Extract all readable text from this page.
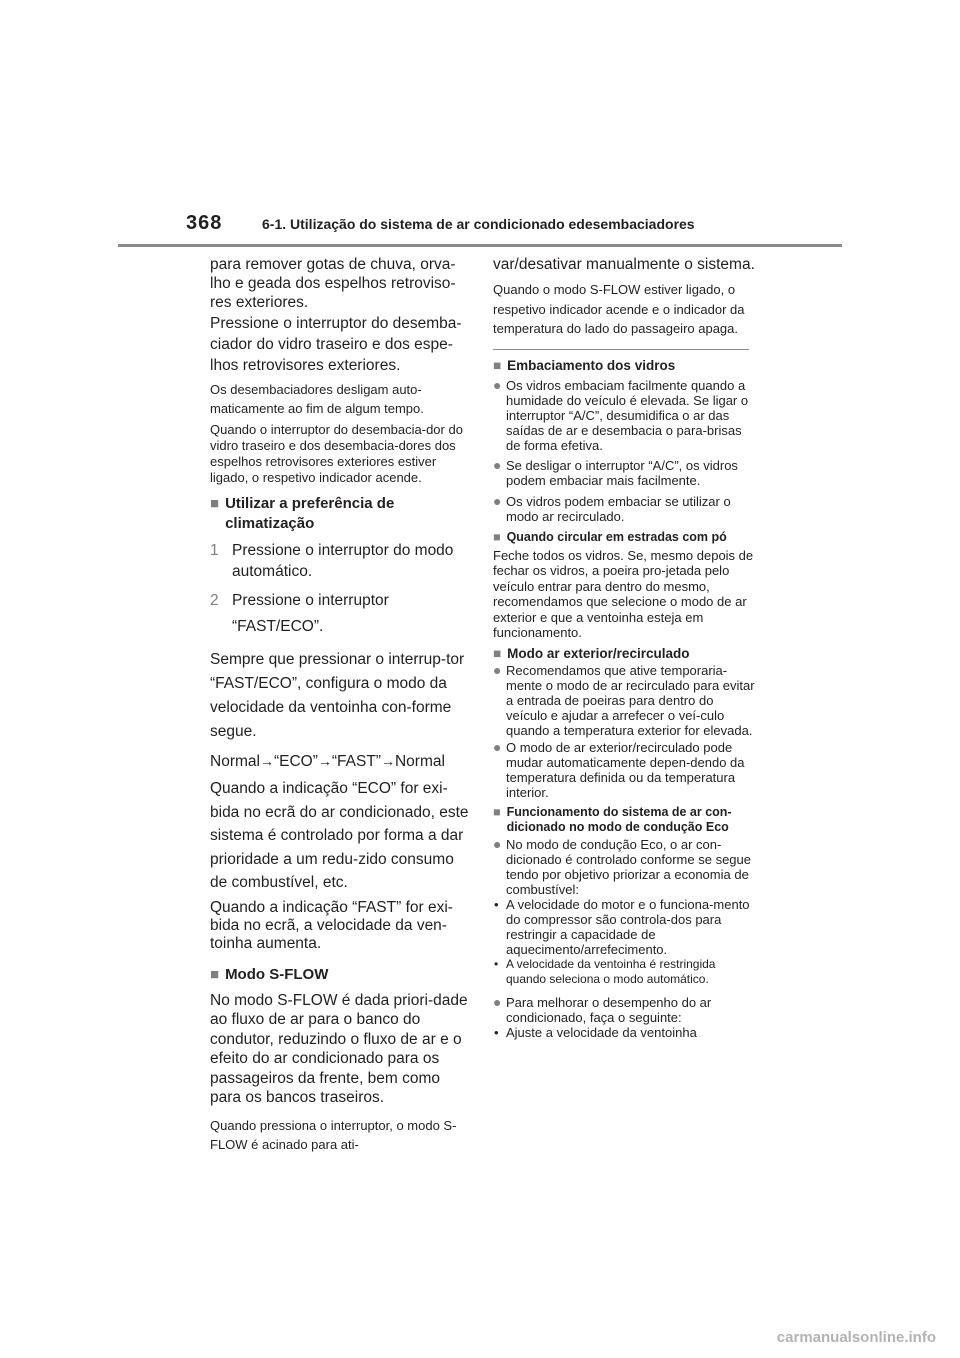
368	6-1. Utilização do sistema de ar condicionado edesembaciadores

para remover gotas de chuva, orva-lho e geada dos espelhos retroviso-res exteriores.

Pressione o interruptor do desemba-ciador do vidro traseiro e dos espe-lhos retrovisores exteriores.

Os desembaciadores desligam auto-maticamente ao fim de algum tempo.

Quando o interruptor do desembacia-dor do vidro traseiro e dos desembacia-dores dos espelhos retrovisores exteriores estiver ligado, o respetivo indicador acende.

■ Utilizar a preferência de climatização
1 Pressione o interruptor do modo automático.
2 Pressione o interruptor “FAST/ECO”.

Sempre que pressionar o interrup-tor “FAST/ECO”, configura o modo da velocidade da ventoinha con-forme segue.

Normal→“ECO”→“FAST”→Normal

Quando a indicação “ECO” for exi-bida no ecrã do ar condicionado, este sistema é controlado por forma a dar prioridade a um redu-zido consumo de combustível, etc.

Quando a indicação “FAST” for exi-bida no ecrã, a velocidade da ven-toinha aumenta.

■ Modo S-FLOW

No modo S-FLOW é dada priori-dade ao fluxo de ar para o banco do condutor, reduzindo o fluxo de ar e o efeito do ar condicionado para os passageiros da frente, bem como para os bancos traseiros.

Quando pressiona o interruptor, o modo S-FLOW é acinado para ati-

var/desativar manualmente o sistema.

Quando o modo S-FLOW estiver ligado, o respetivo indicador acende e o indicador da temperatura do lado do passageiro apaga.

■ Embaciamento dos vidros
● Os vidros embaciam facilmente quando a humidade do veículo é elevada. Se ligar o interruptor “A/C”, desumidifica o ar das saídas de ar e desembacia o para-brisas de forma efetiva.
● Se desligar o interruptor “A/C”, os vidros podem embaciar mais facilmente.
● Os vidros podem embaciar se utilizar o modo ar recirculado.
■ Quando circular em estradas com pó

Feche todos os vidros. Se, mesmo depois de fechar os vidros, a poeira pro-jetada pelo veículo entrar para dentro do mesmo, recomendamos que selecione o modo de ar exterior e que a ventoinha esteja em funcionamento.

■ Modo ar exterior/recirculado
● Recomendamos que ative temporaria-mente o modo de ar recirculado para evitar a entrada de poeiras para dentro do veículo e ajudar a arrefecer o veí-culo quando a temperatura exterior for elevada.
● O modo de ar exterior/recirculado pode mudar automaticamente depen-dendo da temperatura definida ou da temperatura interior.
■ Funcionamento do sistema de ar con-dicionado no modo de condução Eco
● No modo de condução Eco, o ar con-dicionado é controlado conforme se segue tendo por objetivo priorizar a economia de combustível:
• A velocidade do motor e o funciona-mento do compressor são controla-dos para restringir a capacidade de aquecimento/arrefecimento.
• A velocidade da ventoinha é restringida quando seleciona o modo automático.
● Para melhorar o desempenho do ar condicionado, faça o seguinte:
• Ajuste a velocidade da ventoinha
carmanualsonline.info
